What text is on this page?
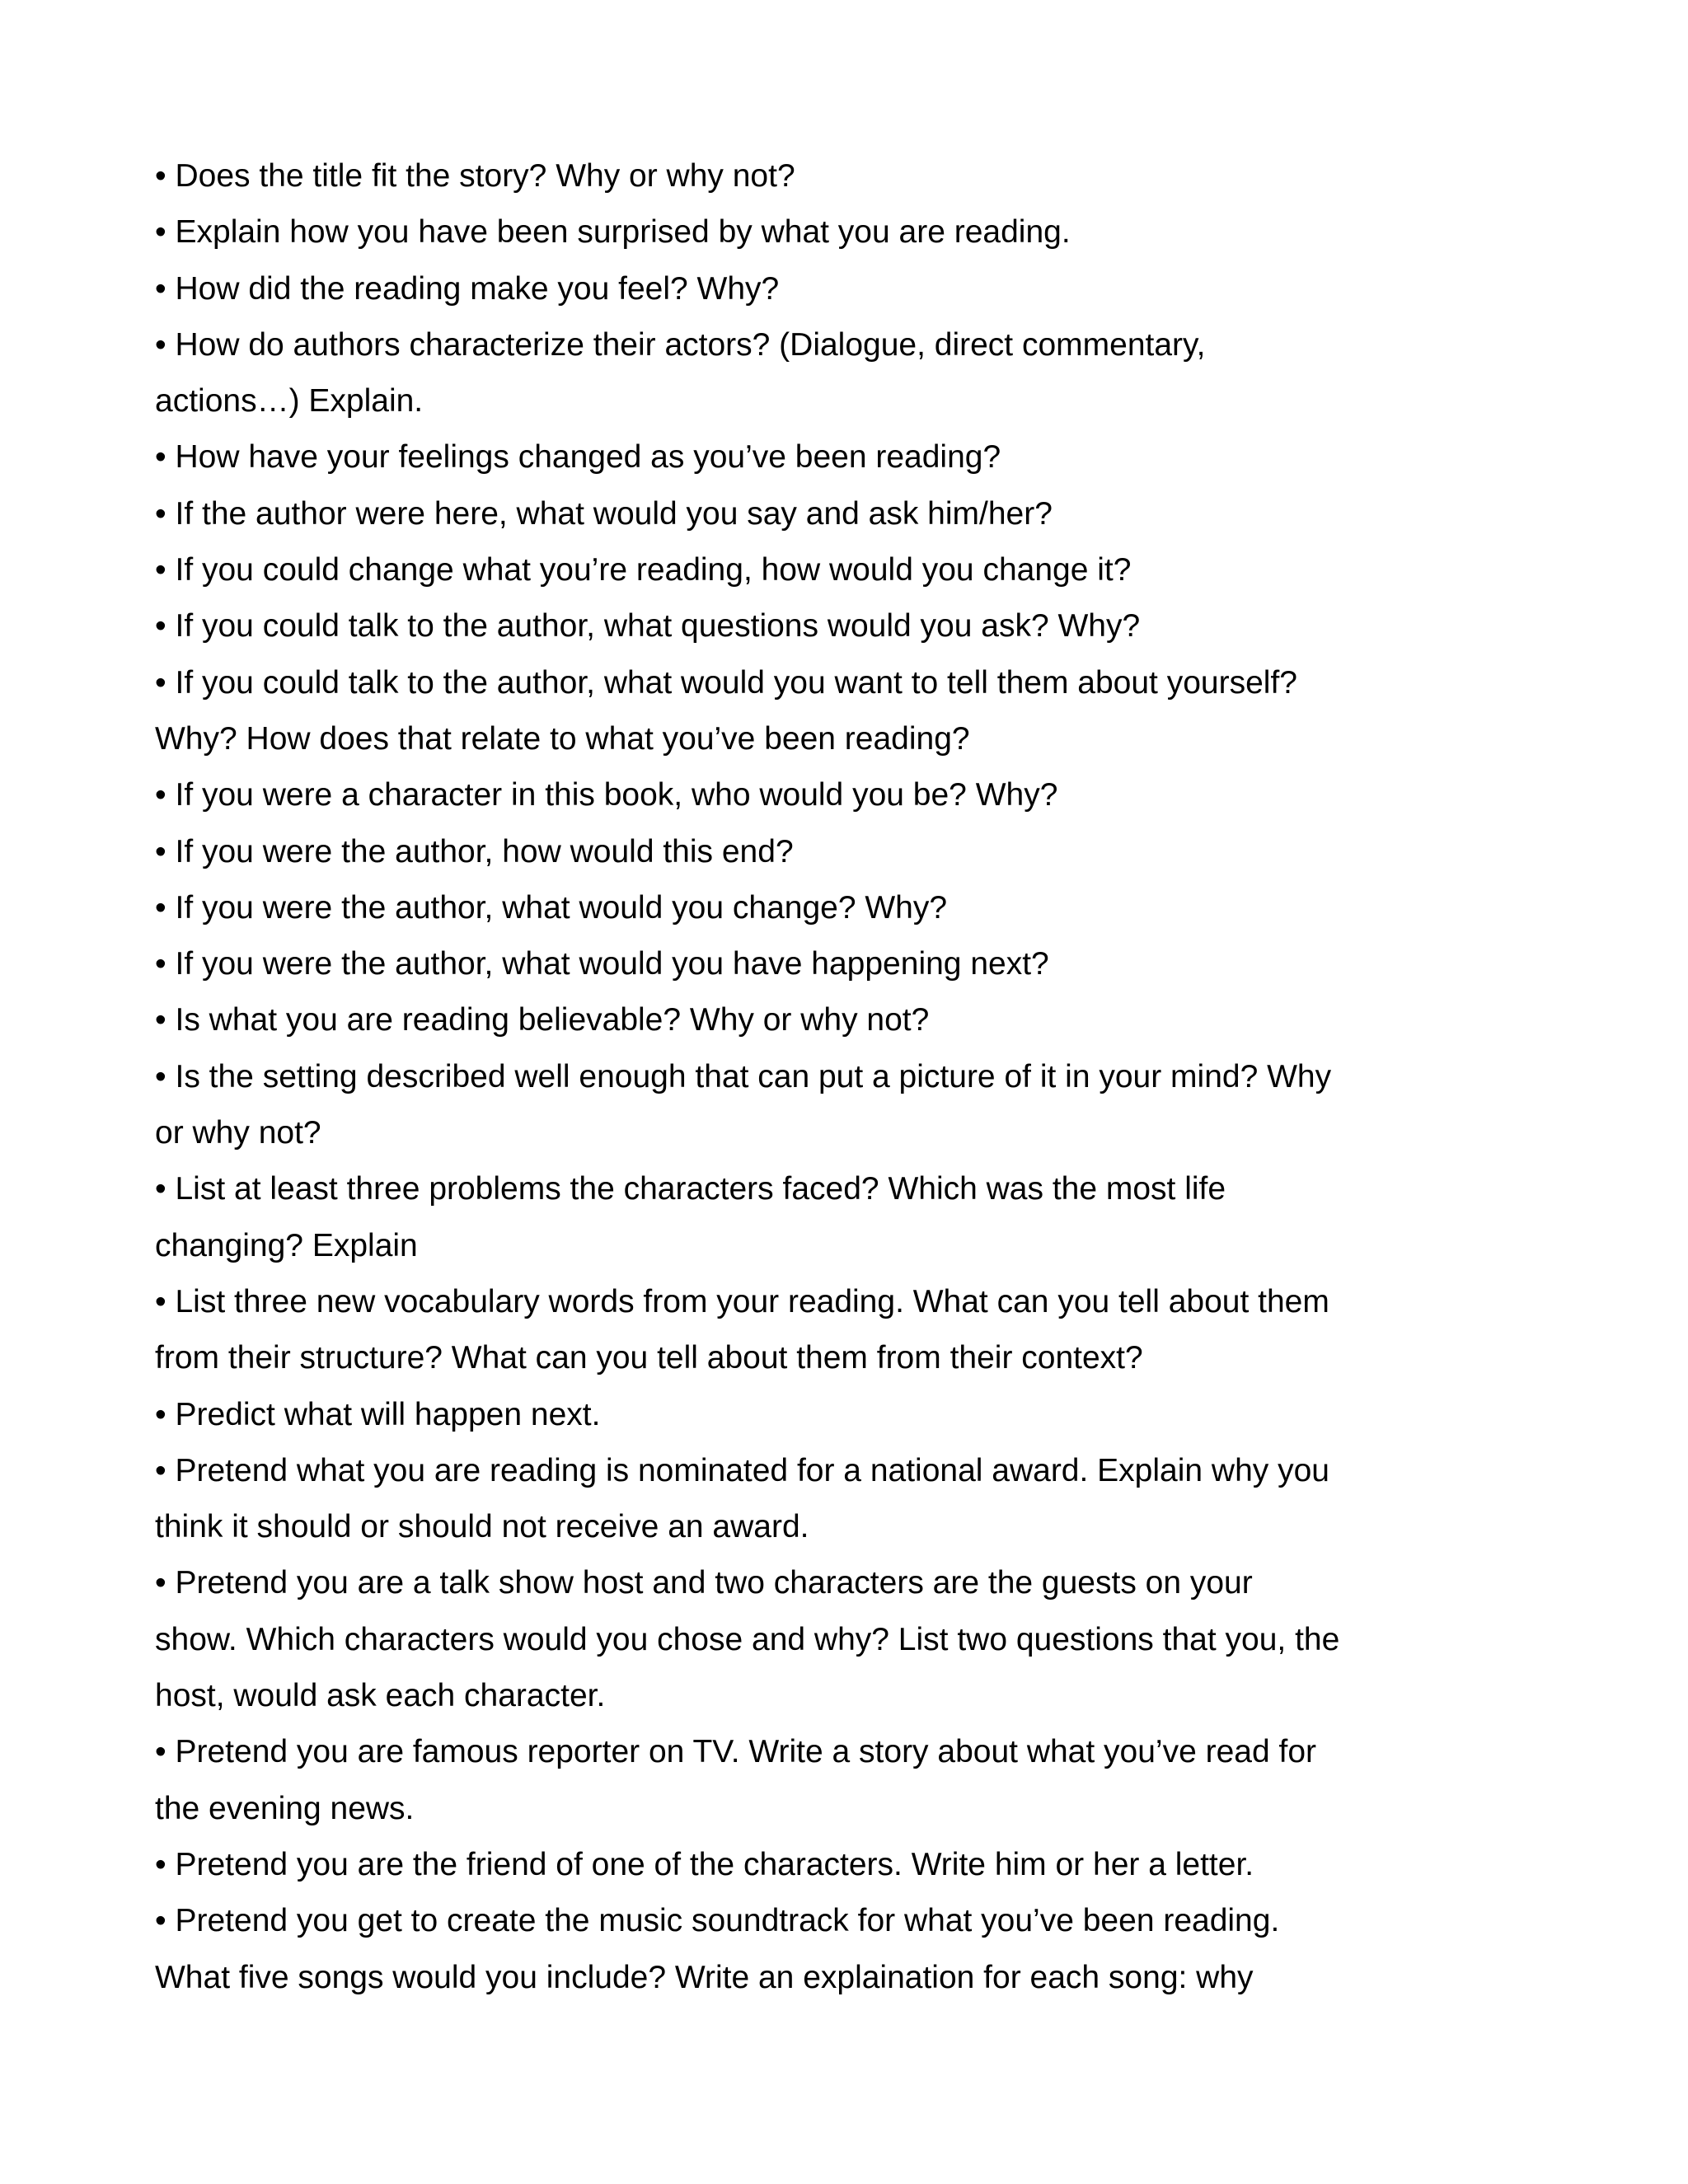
• Does the title fit the story? Why or why not?

• Explain how you have been surprised by what you are reading.

• How did the reading make you feel? Why?

• How do authors characterize their actors? (Dialogue, direct commentary, actions…) Explain.

• How have your feelings changed as you’ve been reading?

• If the author were here, what would you say and ask him/her?

• If you could change what you’re reading, how would you change it?

• If you could talk to the author, what questions would you ask? Why?

• If you could talk to the author, what would you want to tell them about yourself? Why? How does that relate to what you’ve been reading?

• If you were a character in this book, who would you be? Why?

• If you were the author, how would this end?

• If you were the author, what would you change? Why?

• If you were the author, what would you have happening next?

• Is what you are reading believable? Why or why not?

• Is the setting described well enough that can put a picture of it in your mind? Why or why not?

• List at least three problems the characters faced? Which was the most life changing? Explain

• List three new vocabulary words from your reading. What can you tell about them from their structure? What can you tell about them from their context?

• Predict what will happen next.

• Pretend what you are reading is nominated for a national award. Explain why you think it should or should not receive an award.

• Pretend you are a talk show host and two characters are the guests on your show. Which characters would you chose and why? List two questions that you, the host, would ask each character.

• Pretend you are famous reporter on TV. Write a story about what you’ve read for the evening news.

• Pretend you are the friend of one of the characters. Write him or her a letter.

• Pretend you get to create the music soundtrack for what you’ve been reading. What five songs would you include? Write an explaination for each song: why
